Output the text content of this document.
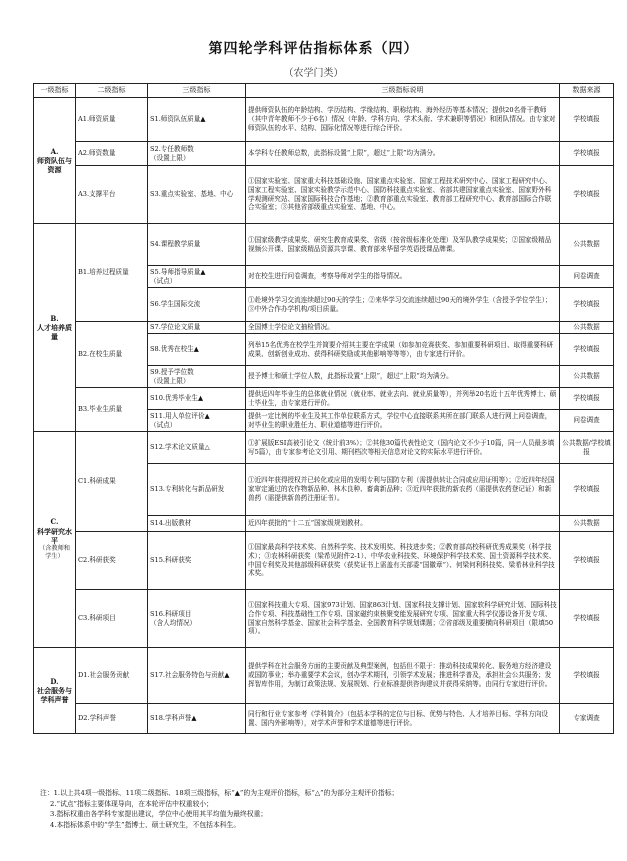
第四轮学科评估指标体系（四）
（农学门类）
一级指标	二级指标	三级指标	三级指标说明	数据来源
A.
师资队伍与资源	A1.师资质量	S1.师资队伍质量▲	提供师资队伍的年龄结构、学历结构、学缘结构、职称结构、海外经历等基本情况；提供20名骨干教师（其中青年教师不少于6名）情况（年龄、学科方向、学术头衔、学术兼职等情况）和团队情况。由专家对师资队伍的水平、结构、国际化情况等进行综合评价。	学校填报
	A2.师资数量	S2.专任教师数
（设置上限）	本学科专任教师总数，此指标设置“上限”，超过“上限”均为满分。	学校填报
	A3.支撑平台	S3.重点实验室、基地、中心	①国家实验室、国家重大科技基础设施、国家重点实验室、国家工程技术研究中心、国家工程研究中心、国家工程实验室、国家实验教学示范中心、国防科技重点实验室、省部共建国家重点实验室、国家野外科学观测研究站、国家国际科技合作基地；②教育部重点实验室、教育部工程研究中心、教育部国际合作联合实验室；③其他省部级重点实验室、基地、中心。	学校填报
B.
人才培养质量	B1.培养过程质量	S4.课程教学质量	①国家级教学成果奖、研究生教育成果奖、省级（按省级标准化处理）及军队教学成果奖；②国家级精品视频公开课、国家级精品资源共享课、教育部来华留学英语授课品牌课。	公共数据
		S5.导师指导质量▲
（试点）	对在校生进行问卷调查，考察导师对学生的指导情况。	问卷调查
		S6.学生国际交流	①赴境外学习交流连续超过90天的学生；②来华学习交流连续超过90天的境外学生（含授予学位学生）；③中外合作办学机构/项目质量。	学校填报
	B2.在校生质量	S7.学位论文质量	全国博士学位论文抽检情况。	公共数据
		S8.优秀在校生▲	列举15名优秀在校学生并简要介绍其主要在学成果（如参加竞赛获奖、参加重要科研项目、取得重要科研成果、创新创业成功、获得科研奖励或其他影响等等等），由专家进行评价。	学校填报
		S9.授予学位数
（设置上限）	授予博士和硕士学位人数，此指标设置“上限”，超过“上限”均为满分。	公共数据
	B3.毕业生质量	S10.优秀毕业生▲	提供近四年毕业生的总体就业情况（就业率、就业去向、就业质量等），并列举20名近十五年优秀博士、硕士毕业生，由专家进行评价。	学校填报
		S11.用人单位评价▲
（试点）	提供一定比例的毕业生及其工作单位联系方式，学位中心直接联系其所在部门联系人进行网上问卷调查，对毕业生的职业胜任力、职业道德等进行评价。	问卷调查
C.
科学研究水平
（含教师和学生）	C1.科研成果	S12.学术论文质量△	①扩展版ESI高被引论文（统计前3%）；②其他30篇代表性论文（国内论文不少于10篇，同一人员最多填写5篇），由专家参考论文引用、期刊档次等相关信息对论文的实际水平进行评价。	公共数据/学校填报
		S13.专利转化与新品研发	①近四年获得授权并已转化或应用的发明专利与国防专利（需提供转让合同或应用证明等）；②近四年经国家审定通过的农作物新品种、林木良种、畜禽新品种；③近四年获批的新农药（需提供农药登记证）和新兽药（需提供新兽药注册证书）。	学校填报
		S14.出版教材	近四年获批的“十二五”国家级规划教材。	公共数据
	C2.科研获奖	S15.科研获奖	①国家最高科学技术奖、自然科学奖、技术发明奖、科技进步奖；②教育部高校科研优秀成果奖（科学技术）；③农林科研获奖（梁希见附件2-1）、中华农业科技奖、环境保护科学技术奖、国土资源科学技术奖、中国专利奖及其他部级科研获奖（获奖证书上需盖有关部委“国徽章”）、何梁何利科技奖、梁希林业科学技术奖。	学校填报
	C3.科研项目	S16.科研项目
（含人均情况）	①国家科技重大专项、国家973计划、国家863计划、国家科技支撑计划、国家软科学研究计划、国际科技合作专项、科技基础性工作专项、国家磁约束核聚变能发展研究专项、国家重大科学仪器设备开发专项、国家自然科学基金、国家社会科学基金、全国教育科学规划课题；②省部级及重要横向科研项目（限填50项）。	学校填报
D.
社会服务与学科声誉	D1.社会服务贡献	S17.社会服务特色与贡献▲	提供学科在社会服务方面的主要贡献及典型案例，包括但不限于：推动科技成果转化、服务地方经济建设或国防事业；举办重要学术会议，创办学术期刊，引领学术发展；推进科学普及，承担社会公共服务；发挥智库作用，为制订政策法规、发展规划、行业标准提供咨询建议并获得采纳等。由同行专家进行评价。	学校填报
	D2.学科声誉	S18.学科声誉▲	同行和行业专家参考《学科简介》（包括本学科的定位与目标、优势与特色、人才培养目标、学科方向设置、国内外影响等），对学术声誉和学术道德等进行评价。	专家调查
注：1.以上共4项一级指标、11项二级指标、18项三级指标，标“▲”的为主观评价指标，标“△”的为部分主观评价指标；
2.“试点”指标主要体现导向，在本轮评估中权重较小；
3.指标权重由各学科专家提出建议，学位中心使用其平均值为最终权重；
4.本指标体系中的“学生”指博士、硕士研究生，不包括本科生。
